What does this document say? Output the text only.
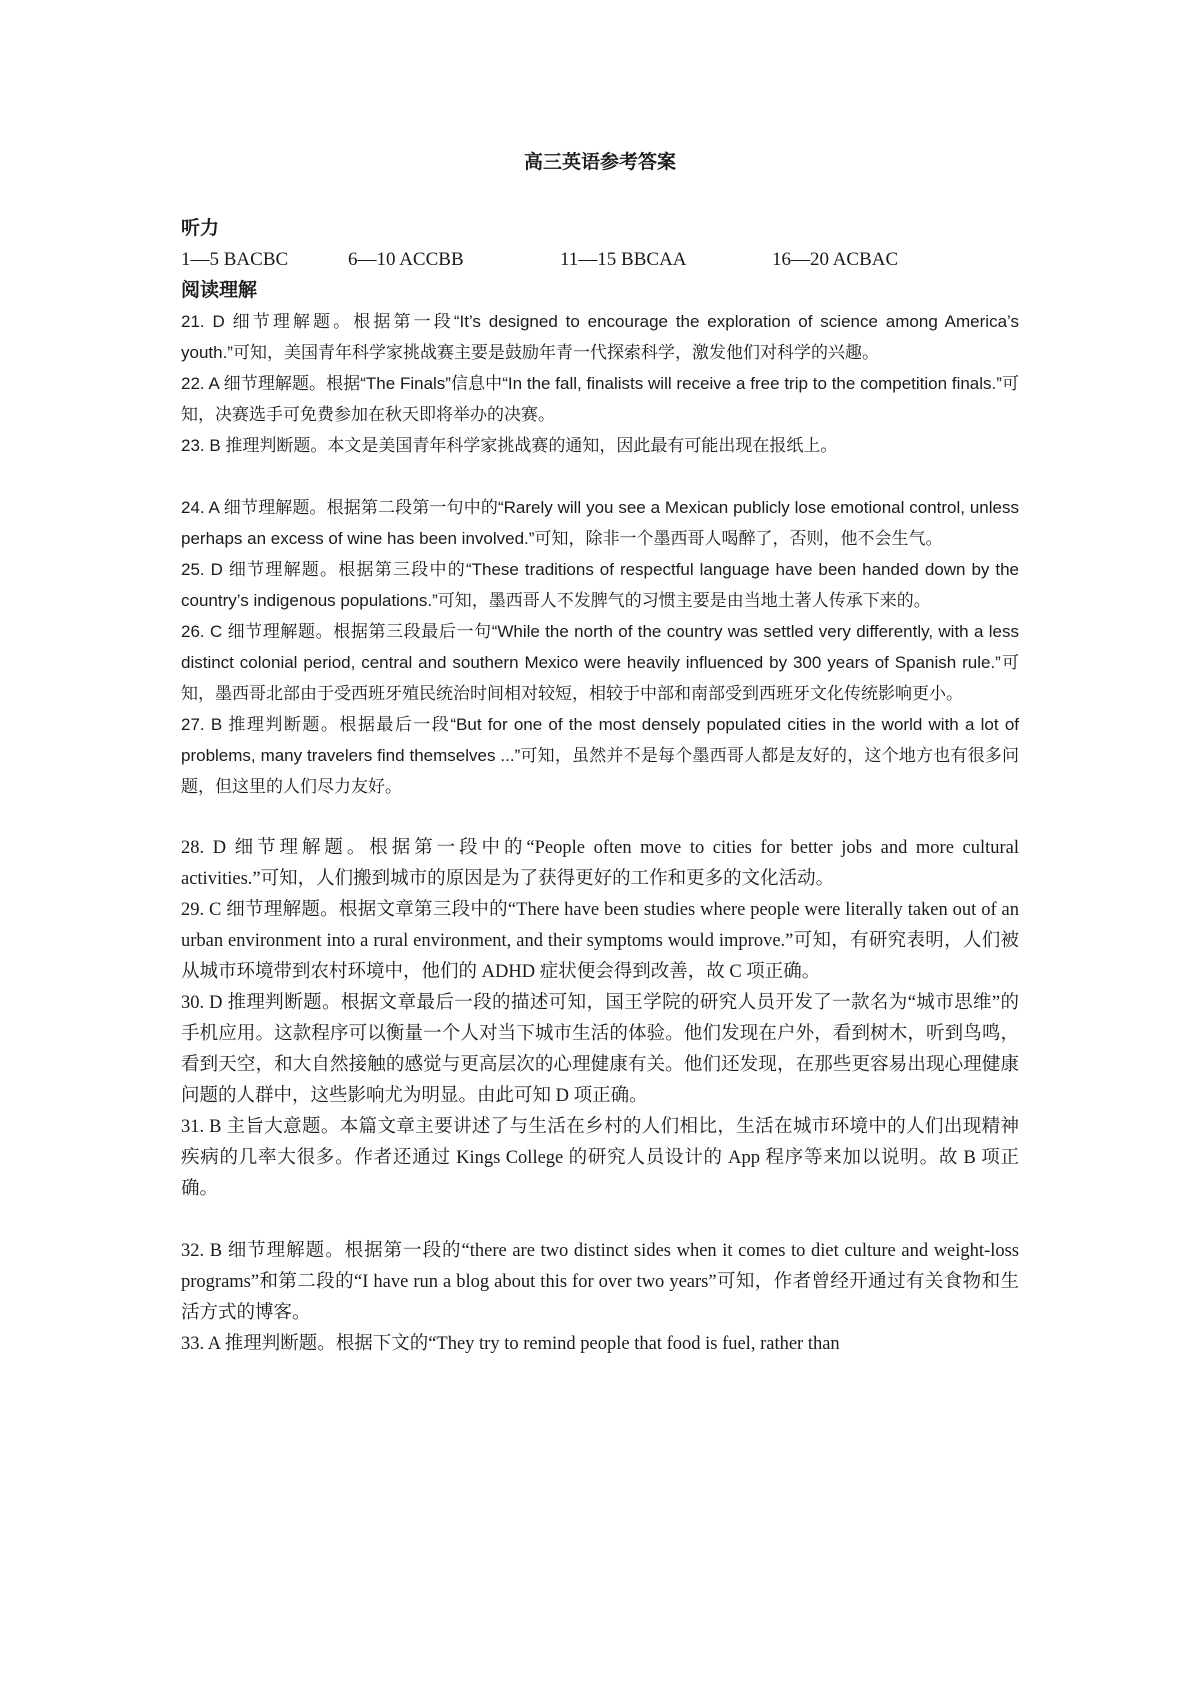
高三英语参考答案
听力
1—5 BACBC	6—10 ACCBB	11—15 BBCAA	16—20 ACBAC
阅读理解

21. D 细节理解题。根据第一段“It’s designed to encourage the exploration of science among America’s youth.”可知，美国青年科学家挑战赛主要是鼓励年青一代探索科学，激发他们对科学的兴趣。

22. A 细节理解题。根据“The Finals”信息中“In the fall, finalists will receive a free trip to the competition finals.”可知，决赛选手可免费参加在秋天即将举办的决赛。

23. B 推理判断题。本文是美国青年科学家挑战赛的通知，因此最有可能出现在报纸上。

24. A 细节理解题。根据第二段第一句中的“Rarely will you see a Mexican publicly lose emotional control, unless perhaps an excess of wine has been involved.”可知，除非一个墨西哥人喝醉了，否则，他不会生气。

25. D 细节理解题。根据第三段中的“These traditions of respectful language have been handed down by the country’s indigenous populations.”可知，墨西哥人不发脾气的习惯主要是由当地土著人传承下来的。

26. C 细节理解题。根据第三段最后一句“While the north of the country was settled very differently, with a less distinct colonial period, central and southern Mexico were heavily influenced by 300 years of Spanish rule.”可知，墨西哥北部由于受西班牙殖民统治时间相对较短，相较于中部和南部受到西班牙文化传统影响更小。

27. B 推理判断题。根据最后一段“But for one of the most densely populated cities in the world with a lot of problems, many travelers find themselves ...”可知，虽然并不是每个墨西哥人都是友好的，这个地方也有很多问题，但这里的人们尽力友好。

28. D 细节理解题。根据第一段中的“People often move to cities for better jobs and more cultural activities.”可知，人们搬到城市的原因是为了获得更好的工作和更多的文化活动。

29. C 细节理解题。根据文章第三段中的“There have been studies where people were literally taken out of an urban environment into a rural environment, and their symptoms would improve.”可知，有研究表明，人们被从城市环境带到农村环境中，他们的 ADHD 症状便会得到改善，故 C 项正确。

30. D 推理判断题。根据文章最后一段的描述可知，国王学院的研究人员开发了一款名为“城市思维”的手机应用。这款程序可以衡量一个人对当下城市生活的体验。他们发现在户外，看到树木，听到鸟鸣，看到天空，和大自然接触的感觉与更高层次的心理健康有关。他们还发现，在那些更容易出现心理健康问题的人群中，这些影响尤为明显。由此可知 D 项正确。

31. B 主旨大意题。本篇文章主要讲述了与生活在乡村的人们相比，生活在城市环境中的人们出现精神疾病的几率大很多。作者还通过 Kings College 的研究人员设计的 App 程序等来加以说明。故 B 项正确。

32. B 细节理解题。根据第一段的“there are two distinct sides when it comes to diet culture and weight-loss programs”和第二段的“I have run a blog about this for over two years”可知，作者曾经开通过有关食物和生活方式的博客。

33. A 推理判断题。根据下文的“They try to remind people that food is fuel, rather than
